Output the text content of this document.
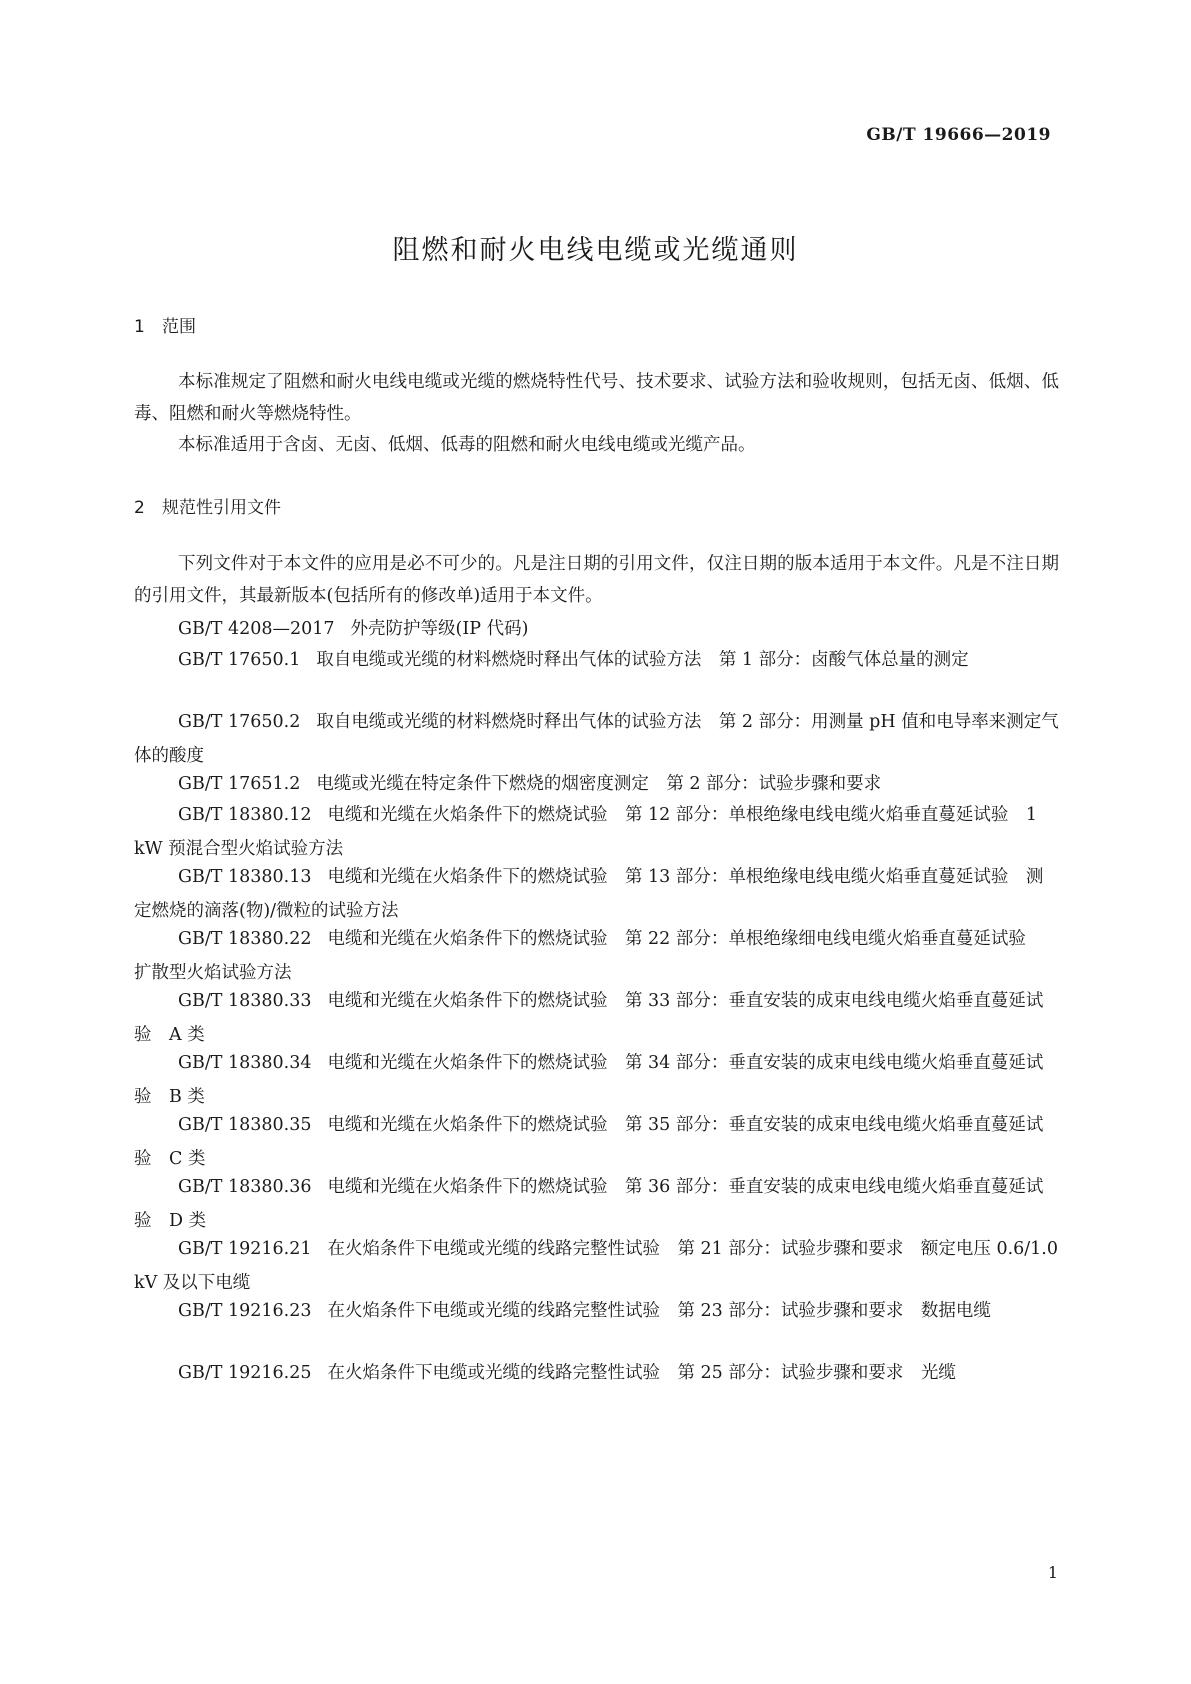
GB/T 19666—2019
阻燃和耐火电线电缆或光缆通则
1 范围
本标准规定了阻燃和耐火电线电缆或光缆的燃烧特性代号、技术要求、试验方法和验收规则，包括无卤、低烟、低毒、阻燃和耐火等燃烧特性。
本标准适用于含卤、无卤、低烟、低毒的阻燃和耐火电线电缆或光缆产品。
2 规范性引用文件
下列文件对于本文件的应用是必不可少的。凡是注日期的引用文件，仅注日期的版本适用于本文件。凡是不注日期的引用文件，其最新版本(包括所有的修改单)适用于本文件。
GB/T 4208—2017 外壳防护等级(IP 代码)
GB/T 17650.1 取自电缆或光缆的材料燃烧时释出气体的试验方法　第 1 部分：卤酸气体总量的测定
GB/T 17650.2 取自电缆或光缆的材料燃烧时释出气体的试验方法　第 2 部分：用测量 pH 值和电导率来测定气体的酸度
GB/T 17651.2 电缆或光缆在特定条件下燃烧的烟密度测定　第 2 部分：试验步骤和要求
GB/T 18380.12 电缆和光缆在火焰条件下的燃烧试验　第 12 部分：单根绝缘电线电缆火焰垂直蔓延试验　1 kW 预混合型火焰试验方法
GB/T 18380.13 电缆和光缆在火焰条件下的燃烧试验　第 13 部分：单根绝缘电线电缆火焰垂直蔓延试验　测定燃烧的滴落(物)/微粒的试验方法
GB/T 18380.22 电缆和光缆在火焰条件下的燃烧试验　第 22 部分：单根绝缘细电线电缆火焰垂直蔓延试验　扩散型火焰试验方法
GB/T 18380.33 电缆和光缆在火焰条件下的燃烧试验　第 33 部分：垂直安装的成束电线电缆火焰垂直蔓延试验　A 类
GB/T 18380.34 电缆和光缆在火焰条件下的燃烧试验　第 34 部分：垂直安装的成束电线电缆火焰垂直蔓延试验　B 类
GB/T 18380.35 电缆和光缆在火焰条件下的燃烧试验　第 35 部分：垂直安装的成束电线电缆火焰垂直蔓延试验　C 类
GB/T 18380.36 电缆和光缆在火焰条件下的燃烧试验　第 36 部分：垂直安装的成束电线电缆火焰垂直蔓延试验　D 类
GB/T 19216.21 在火焰条件下电缆或光缆的线路完整性试验　第 21 部分：试验步骤和要求　额定电压 0.6/1.0 kV 及以下电缆
GB/T 19216.23 在火焰条件下电缆或光缆的线路完整性试验　第 23 部分：试验步骤和要求　数据电缆
GB/T 19216.25 在火焰条件下电缆或光缆的线路完整性试验　第 25 部分：试验步骤和要求　光缆
1
